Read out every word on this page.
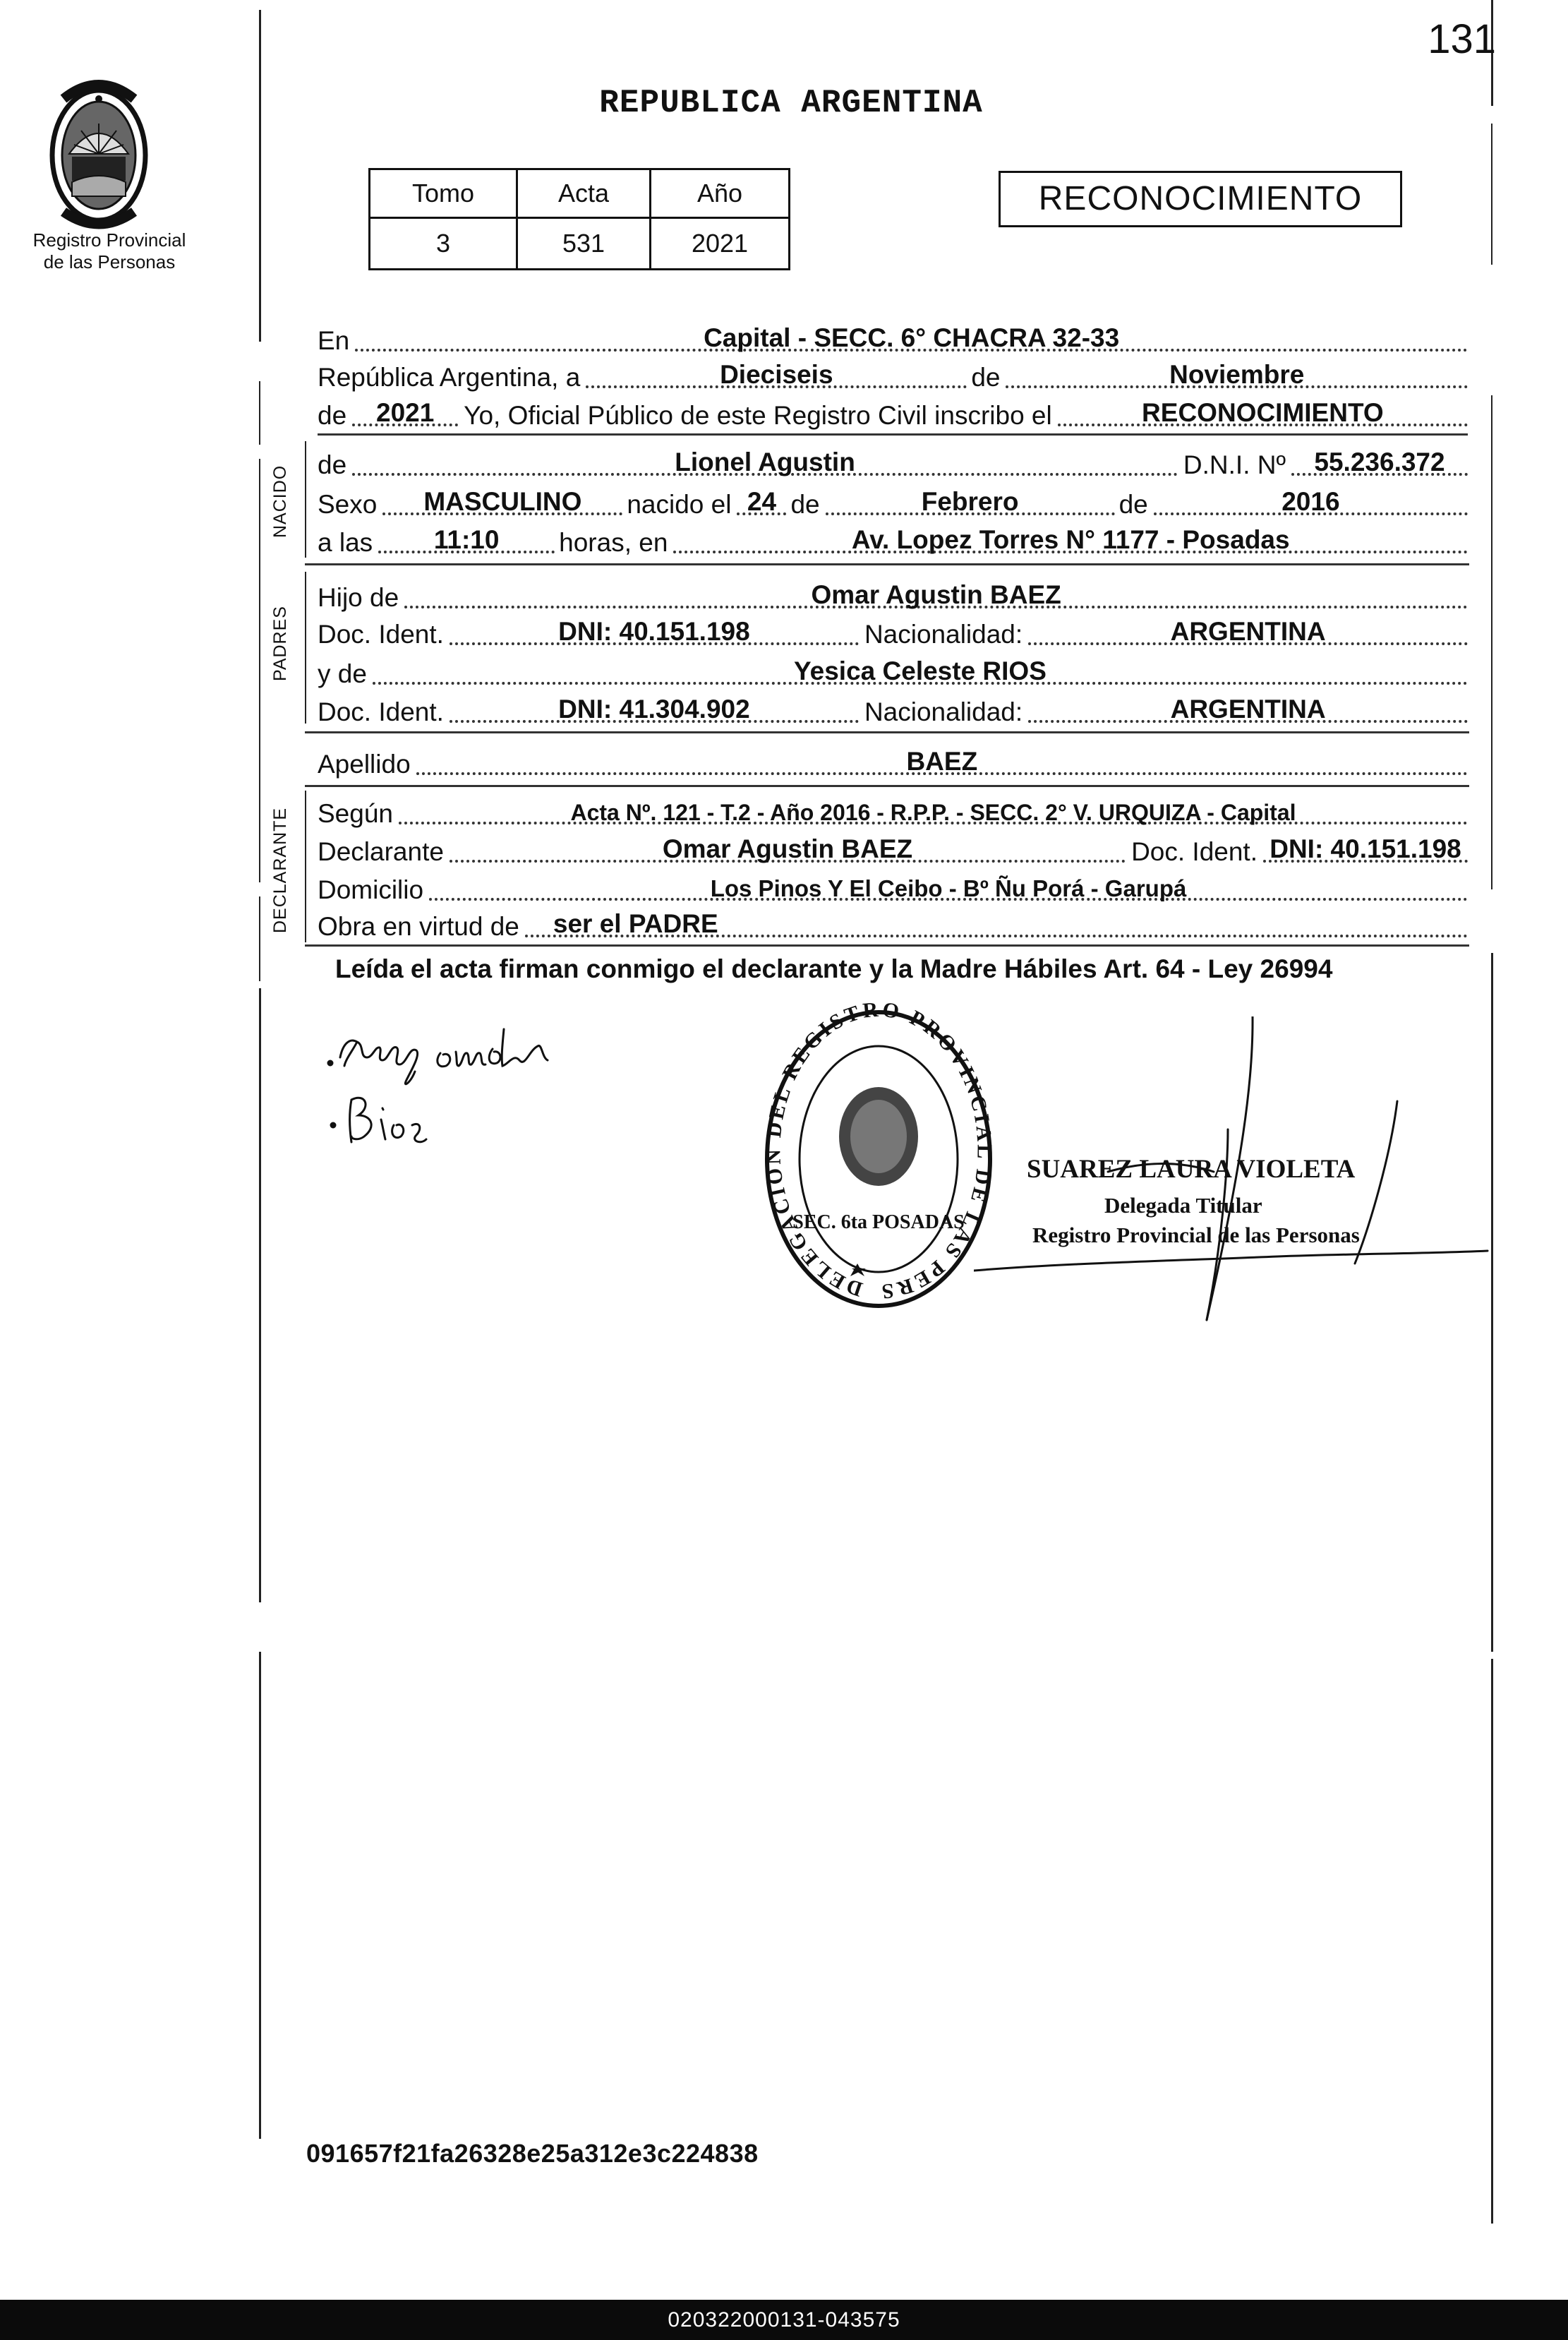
131
Registro Provincial
de las Personas
REPUBLICA ARGENTINA
Tomo	Acta	Año
3	531	2021
RECONOCIMIENTO
En	Capital - SECC. 6° CHACRA 32-33
República Argentina, a	Dieciseis	de	Noviembre
de	2021	Yo, Oficial Público de este Registro Civil inscribo el	RECONOCIMIENTO
NACIDO
de	Lionel Agustin	D.N.I. Nº	55.236.372
Sexo	MASCULINO	nacido el 24 de	Febrero	de	2016
a las	11:10	horas, en	Av. Lopez Torres N° 1177 - Posadas
PADRES
Hijo de	Omar Agustin BAEZ
Doc. Ident.	DNI: 40.151.198	Nacionalidad:	ARGENTINA
y de	Yesica Celeste RIOS
Doc. Ident.	DNI: 41.304.902	Nacionalidad:	ARGENTINA
Apellido	BAEZ
DECLARANTE Según	Acta Nº. 121 - T.2 - Año 2016 - R.P.P. - SECC. 2° V. URQUIZA - Capital
Declarante	Omar Agustin BAEZ	Doc. Ident. DNI: 40.151.198
Domicilio	Los Pinos Y El Ceibo - Bº Ñu Porá - Garupá
Obra en virtud de ser el PADRE
Leída el acta firman conmigo el declarante y la Madre Hábiles Art. 64 - Ley 26994
DELEGACION DEL REGISTRO PROVINCIAL DE LAS PERS
SEC. 6ta POSADAS
SUAREZ LAURA VIOLETA
Delegada Titular
Registro Provincial de las Personas
091657f21fa26328e25a312e3c224838
020322000131-043575
